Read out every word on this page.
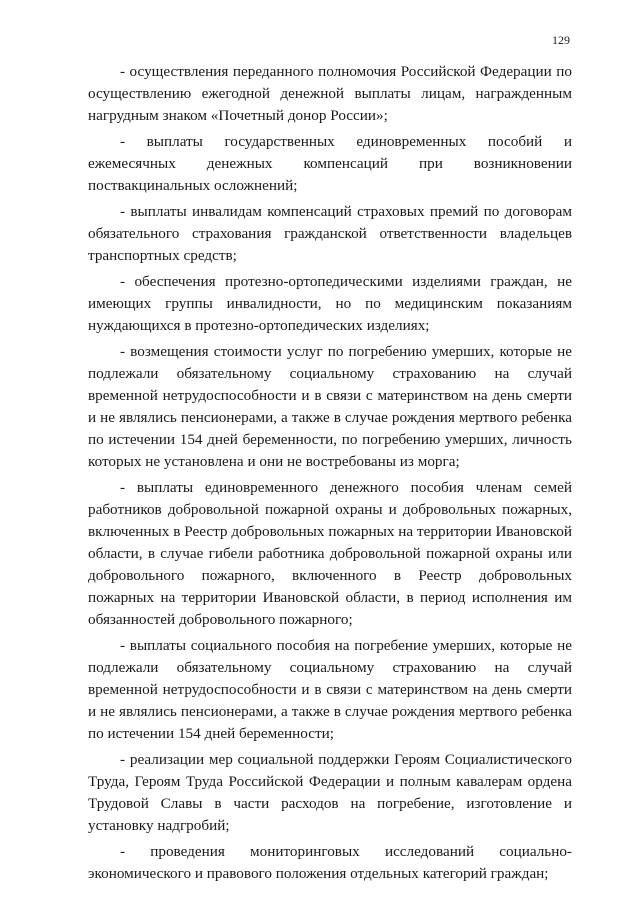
129

- осуществления переданного полномочия Российской Федерации по осуществлению ежегодной денежной выплаты лицам, награжденным нагрудным знаком «Почетный донор России»;

- выплаты государственных единовременных пособий и ежемесячных денежных компенсаций при возникновении поствакцинальных осложнений;

- выплаты инвалидам компенсаций страховых премий по договорам обязательного страхования гражданской ответственности владельцев транспортных средств;

- обеспечения протезно-ортопедическими изделиями граждан, не имеющих группы инвалидности, но по медицинским показаниям нуждающихся в протезно-ортопедических изделиях;

- возмещения стоимости услуг по погребению умерших, которые не подлежали обязательному социальному страхованию на случай временной нетрудоспособности и в связи с материнством на день смерти и не являлись пенсионерами, а также в случае рождения мертвого ребенка по истечении 154 дней беременности, по погребению умерших, личность которых не установлена и они не востребованы из морга;

- выплаты единовременного денежного пособия членам семей работников добровольной пожарной охраны и добровольных пожарных, включенных в Реестр добровольных пожарных на территории Ивановской области, в случае гибели работника добровольной пожарной охраны или добровольного пожарного, включенного в Реестр добровольных пожарных на территории Ивановской области, в период исполнения им обязанностей добровольного пожарного;

- выплаты социального пособия на погребение умерших, которые не подлежали обязательному социальному страхованию на случай временной нетрудоспособности и в связи с материнством на день смерти и не являлись пенсионерами, а также в случае рождения мертвого ребенка по истечении 154 дней беременности;

- реализации мер социальной поддержки Героям Социалистического Труда, Героям Труда Российской Федерации и полным кавалерам ордена Трудовой Славы в части расходов на погребение, изготовление и установку надгробий;

- проведения мониторинговых исследований социально-экономического и правового положения отдельных категорий граждан;
